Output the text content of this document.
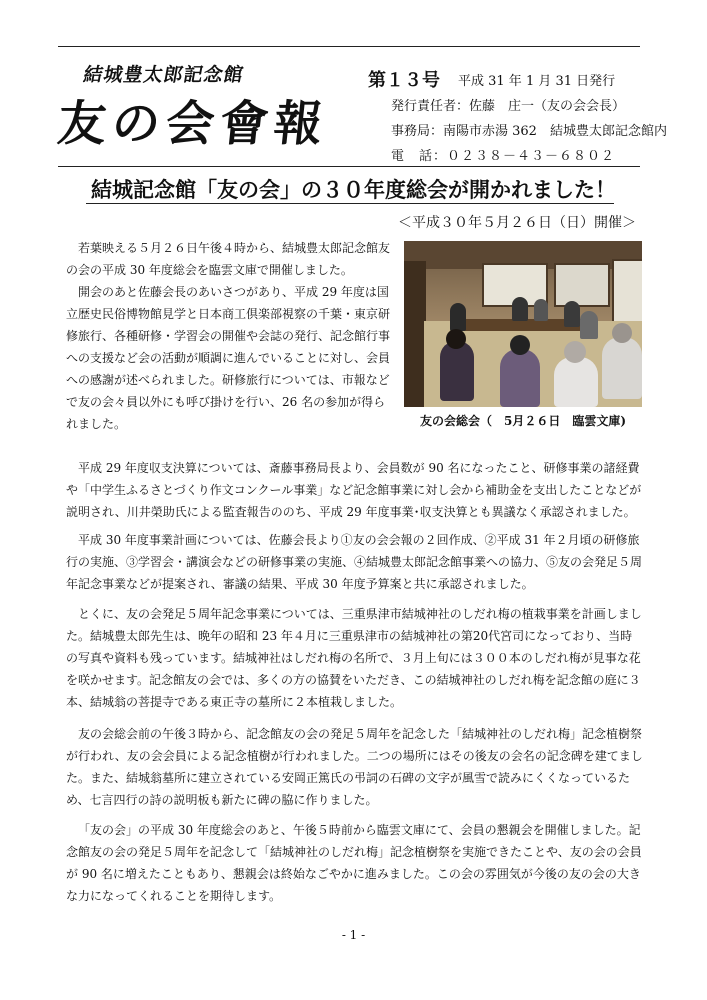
結城豊太郎記念館
友の会會報
第１３号 平成 31 年 1 月 31 日発行
発行責任者：佐藤　庄一（友の会会長）
事務局：南陽市赤湯 362　結城豊太郎記念館内
電　話：０２３８－４３－６８０２
結城記念館「友の会」の３０年度総会が開かれました！
＜平成３０年５月２６日（日）開催＞
友の会総会（　5月２６日　臨雲文庫)

若葉映える５月２６日午後４時から、結城豊太郎記念館友の会の平成 30 年度総会を臨雲文庫で開催しました。

開会のあと佐藤会長のあいさつがあり、平成 29 年度は国立歴史民俗博物館見学と日本商工倶楽部視察の千葉・東京研修旅行、各種研修・学習会の開催や会誌の発行、記念館行事への支援など会の活動が順調に進んでいることに対し、会員への感謝が述べられました。研修旅行については、市報などで友の会々員以外にも呼び掛けを行い、26 名の参加が得られました。

平成 29 年度収支決算については、斎藤事務局長より、会員数が 90 名になったこと、研修事業の諸経費や「中学生ふるさとづくり作文コンクール事業」など記念館事業に対し会から補助金を支出したことなどが説明され、川井榮助氏による監査報告ののち、平成 29 年度事業･収支決算とも異議なく承認されました。

平成 30 年度事業計画については、佐藤会長より①友の会会報の２回作成、②平成 31 年２月頃の研修旅行の実施、③学習会・講演会などの研修事業の実施、④結城豊太郎記念館事業への協力、⑤友の会発足５周年記念事業などが提案され、審議の結果、平成 30 年度予算案と共に承認されました。

とくに、友の会発足５周年記念事業については、三重県津市結城神社のしだれ梅の植栽事業を計画しました。結城豊太郎先生は、晩年の昭和 23 年４月に三重県津市の結城神社の第20代宮司になっており、当時の写真や資料も残っています。結城神社はしだれ梅の名所で、３月上旬には３００本のしだれ梅が見事な花を咲かせます。記念館友の会では、多くの方の協賛をいただき、この結城神社のしだれ梅を記念館の庭に３本、結城翁の菩提寺である東正寺の墓所に２本植栽しました。

友の会総会前の午後３時から、記念館友の会の発足５周年を記念した「結城神社のしだれ梅」記念植樹祭が行われ、友の会会員による記念植樹が行われました。二つの場所にはその後友の会名の記念碑を建てました。また、結城翁墓所に建立されている安岡正篤氏の弔詞の石碑の文字が風雪で読みにくくなっているため、七言四行の詩の説明板も新たに碑の脇に作りました。

「友の会」の平成 30 年度総会のあと、午後５時前から臨雲文庫にて、会員の懇親会を開催しました。記念館友の会の発足５周年を記念して「結城神社のしだれ梅」記念植樹祭を実施できたことや、友の会の会員が 90 名に増えたこともあり、懇親会は終始なごやかに進みました。この会の雰囲気が今後の友の会の大きな力になってくれることを期待します。

- 1 -
